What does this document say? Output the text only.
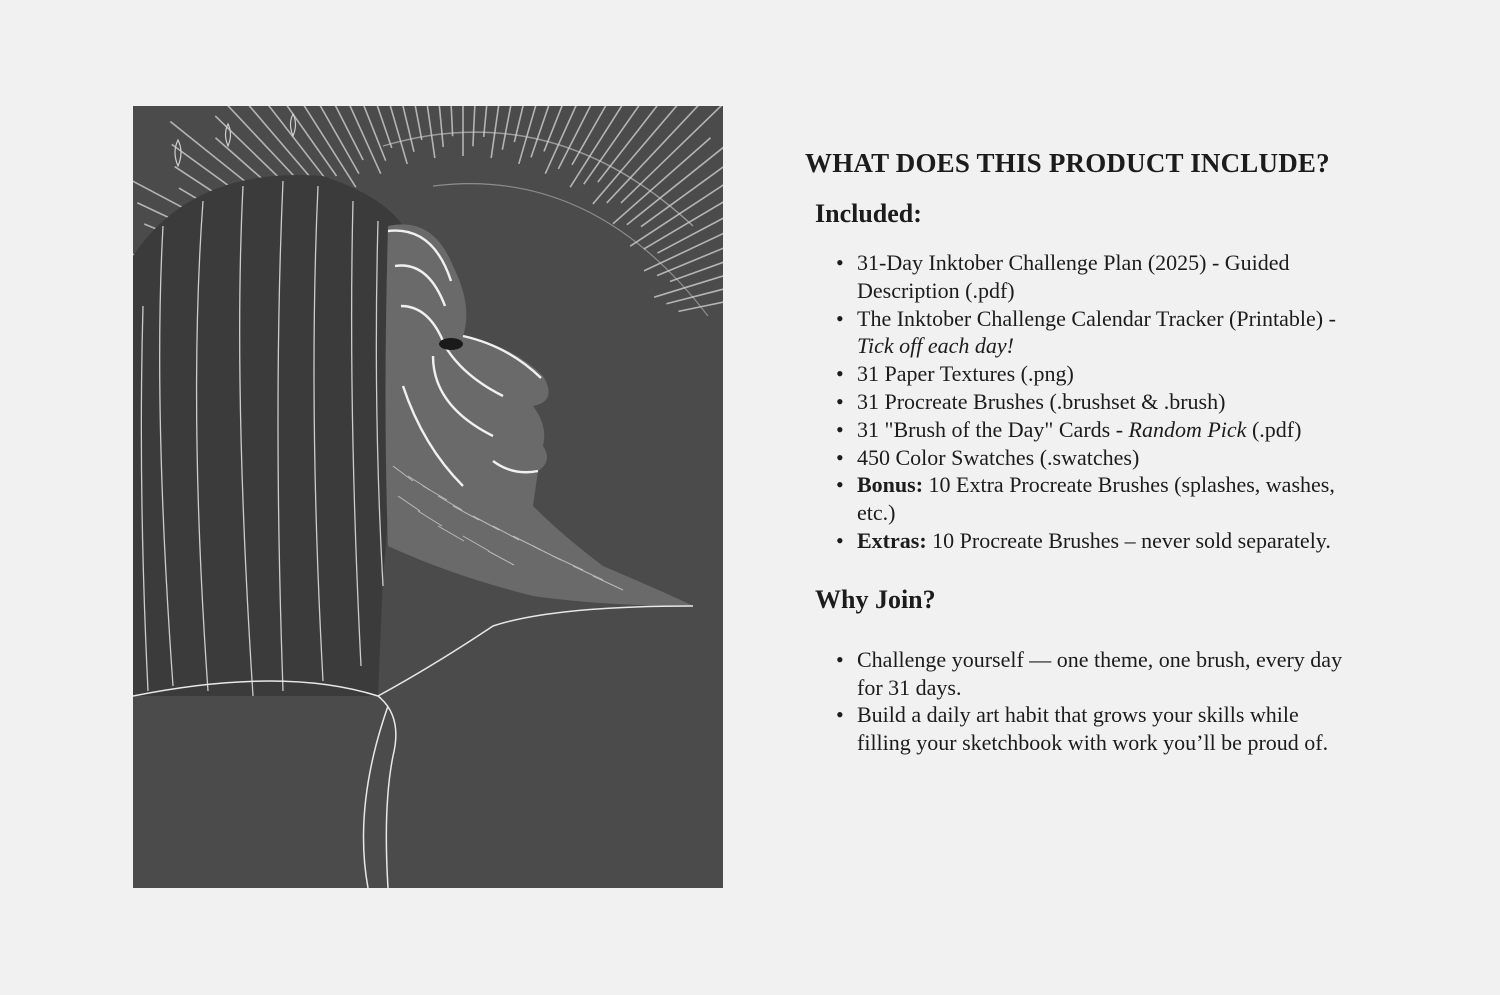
WHAT DOES THIS PRODUCT INCLUDE?
Included:
• 31-Day Inktober Challenge Plan (2025) - Guided Description (.pdf)
• The Inktober Challenge Calendar Tracker (Printable) - Tick off each day!
• 31 Paper Textures (.png)
• 31 Procreate Brushes (.brushset & .brush)
• 31 "Brush of the Day" Cards - Random Pick (.pdf)
• 450 Color Swatches (.swatches)
• Bonus: 10 Extra Procreate Brushes (splashes, washes, etc.)
• Extras: 10 Procreate Brushes – never sold separately.
Why Join?
• Challenge yourself — one theme, one brush, every day for 31 days.
• Build a daily art habit that grows your skills while filling your sketchbook with work you’ll be proud of.
